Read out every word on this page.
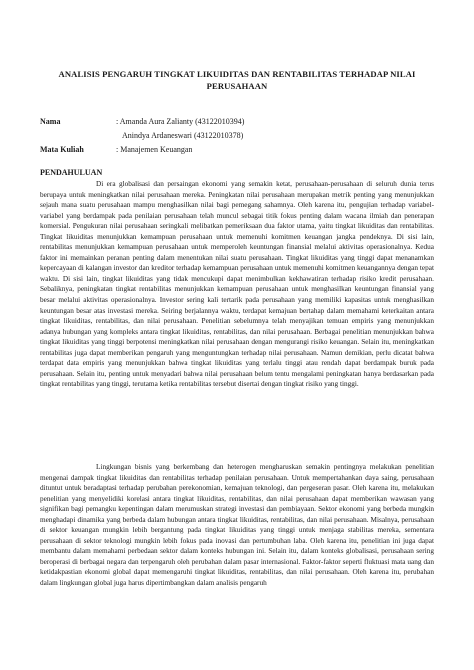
ANALISIS PENGARUH TINGKAT LIKUIDITAS DAN RENTABILITAS TERHADAP NILAI PERUSAHAAN
Nama	: Amanda Aura Zalianty (43122010394)
Anindya Ardaneswari (43122010378)
Mata Kuliah	: Manajemen Keuangan
PENDAHULUAN

Di era globalisasi dan persaingan ekonomi yang semakin ketat, perusahaan-perusahaan di seluruh dunia terus berupaya untuk meningkatkan nilai perusahaan mereka. Peningkatan nilai perusahaan merupakan metrik penting yang menunjukkan sejauh mana suatu perusahaan mampu menghasilkan nilai bagi pemegang sahamnya. Oleh karena itu, pengujian terhadap variabel-variabel yang berdampak pada penilaian perusahaan telah muncul sebagai titik fokus penting dalam wacana ilmiah dan penerapan komersial. Pengukuran nilai perusahaan seringkali melibatkan pemeriksaan dua faktor utama, yaitu tingkat likuiditas dan rentabilitas. Tingkat likuiditas menunjukkan kemampuan perusahaan untuk memenuhi komitmen keuangan jangka pendeknya. Di sisi lain, rentabilitas menunjukkan kemampuan perusahaan untuk memperoleh keuntungan finansial melalui aktivitas operasionalnya. Kedua faktor ini memainkan peranan penting dalam menentukan nilai suatu perusahaan. Tingkat likuiditas yang tinggi dapat menanamkan kepercayaan di kalangan investor dan kreditor terhadap kemampuan perusahaan untuk memenuhi komitmen keuangannya dengan tepat waktu. Di sisi lain, tingkat likuiditas yang tidak mencukupi dapat menimbulkan kekhawatiran terhadap risiko kredit perusahaan. Sebaliknya, peningkatan tingkat rentabilitas menunjukkan kemampuan perusahaan untuk menghasilkan keuntungan finansial yang besar melalui aktivitas operasionalnya. Investor sering kali tertarik pada perusahaan yang memiliki kapasitas untuk menghasilkan keuntungan besar atas investasi mereka. Seiring berjalannya waktu, terdapat kemajuan bertahap dalam memahami keterkaitan antara tingkat likuiditas, rentabilitas, dan nilai perusahaan. Penelitian sebelumnya telah menyajikan temuan empiris yang menunjukkan adanya hubungan yang kompleks antara tingkat likuiditas, rentabilitas, dan nilai perusahaan. Berbagai penelitian menunjukkan bahwa tingkat likuiditas yang tinggi berpotensi meningkatkan nilai perusahaan dengan mengurangi risiko keuangan. Selain itu, meningkatkan rentabilitas juga dapat memberikan pengaruh yang menguntungkan terhadap nilai perusahaan. Namun demikian, perlu dicatat bahwa terdapat data empiris yang menunjukkan bahwa tingkat likuiditas yang terlalu tinggi atau rendah dapat berdampak buruk pada perusahaan. Selain itu, penting untuk menyadari bahwa nilai perusahaan belum tentu mengalami peningkatan hanya berdasarkan pada tingkat rentabilitas yang tinggi, terutama ketika rentabilitas tersebut disertai dengan tingkat risiko yang tinggi.

Lingkungan bisnis yang berkembang dan heterogen mengharuskan semakin pentingnya melakukan penelitian mengenai dampak tingkat likuiditas dan rentabilitas terhadap penilaian perusahaan. Untuk mempertahankan daya saing, perusahaan dituntut untuk beradaptasi terhadap perubahan perekonomian, kemajuan teknologi, dan pergeseran pasar. Oleh karena itu, melakukan penelitian yang menyelidiki korelasi antara tingkat likuiditas, rentabilitas, dan nilai perusahaan dapat memberikan wawasan yang signifikan bagi pemangku kepentingan dalam merumuskan strategi investasi dan pembiayaan. Sektor ekonomi yang berbeda mungkin menghadapi dinamika yang berbeda dalam hubungan antara tingkat likuiditas, rentabilitas, dan nilai perusahaan. Misalnya, perusahaan di sektor keuangan mungkin lebih bergantung pada tingkat likuiditas yang tinggi untuk menjaga stabilitas mereka, sementara perusahaan di sektor teknologi mungkin lebih fokus pada inovasi dan pertumbuhan laba. Oleh karena itu, penelitian ini juga dapat membantu dalam memahami perbedaan sektor dalam konteks hubungan ini. Selain itu, dalam konteks globalisasi, perusahaan sering beroperasi di berbagai negara dan terpengaruh oleh perubahan dalam pasar internasional. Faktor-faktor seperti fluktuasi mata uang dan ketidakpastian ekonomi global dapat memengaruhi tingkat likuiditas, rentabilitas, dan nilai perusahaan. Oleh karena itu, perubahan dalam lingkungan global juga harus dipertimbangkan dalam analisis pengaruh
